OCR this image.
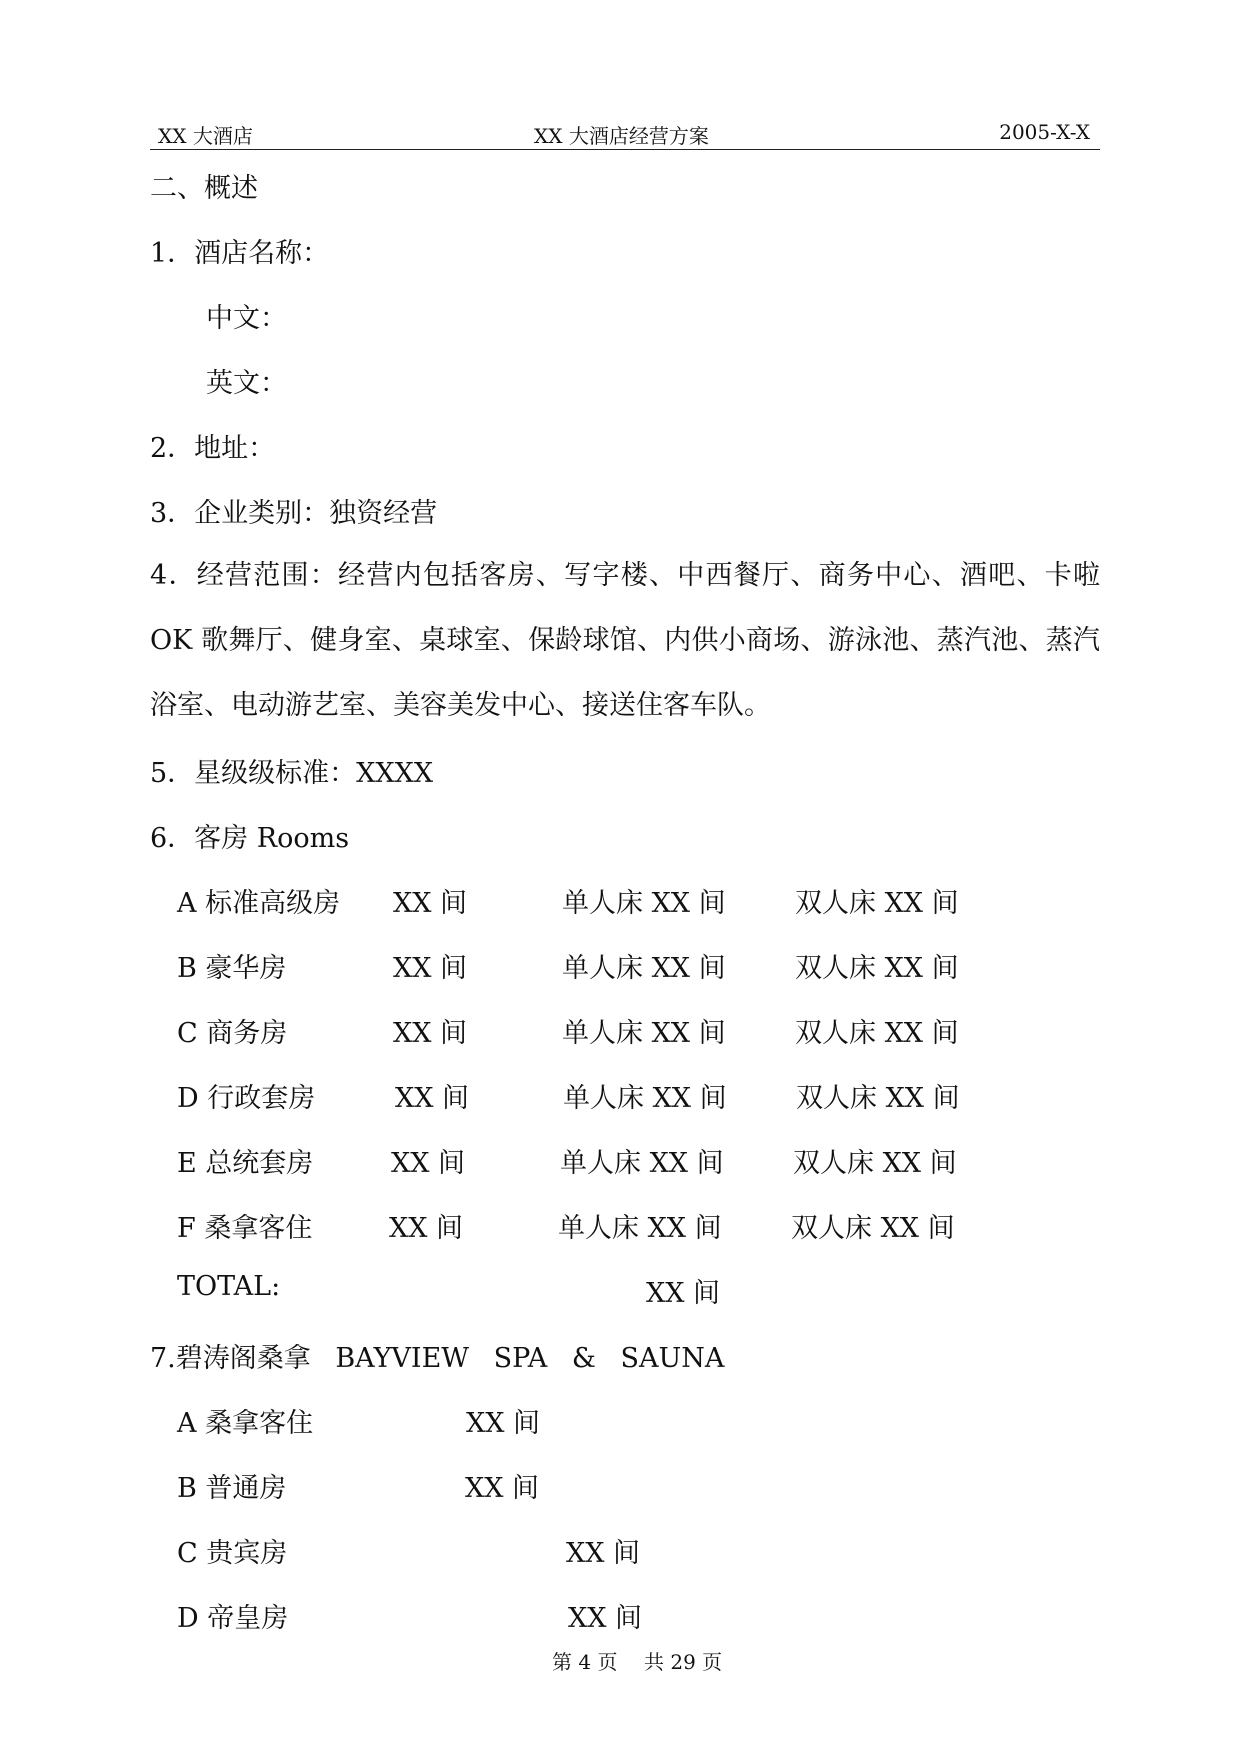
XX 大酒店	XX 大酒店经营方案	2005-X-X
二、概述
1．酒店名称：
中文：
英文：
2．地址：
3．企业类别：独资经营
4．经营范围：经营内包括客房、写字楼、中西餐厅、商务中心、酒吧、卡啦 OK 歌舞厅、健身室、桌球室、保龄球馆、内供小商场、游泳池、蒸汽池、蒸汽浴室、电动游艺室、美容美发中心、接送住客车队。
5．星级级标准：XXXX
6．客房 Rooms
A 标准高级房 XX 间	单人床 XX 间	双人床 XX 间
B 豪华房	XX 间	单人床 XX 间	双人床 XX 间
C 商务房	XX 间	单人床 XX 间	双人床 XX 间
D 行政套房	XX 间	单人床 XX 间	双人床 XX 间
E 总统套房	XX 间	单人床 XX 间	双人床 XX 间
F 桑拿客住	XX 间	单人床 XX 间	双人床 XX 间
TOTAL:	XX 间
7.碧涛阁桑拿 BAYVIEW SPA & SAUNA
A 桑拿客住	XX 间
B 普通房	XX 间
C 贵宾房	XX 间
D 帝皇房	XX 间
第 4 页 共 29 页
